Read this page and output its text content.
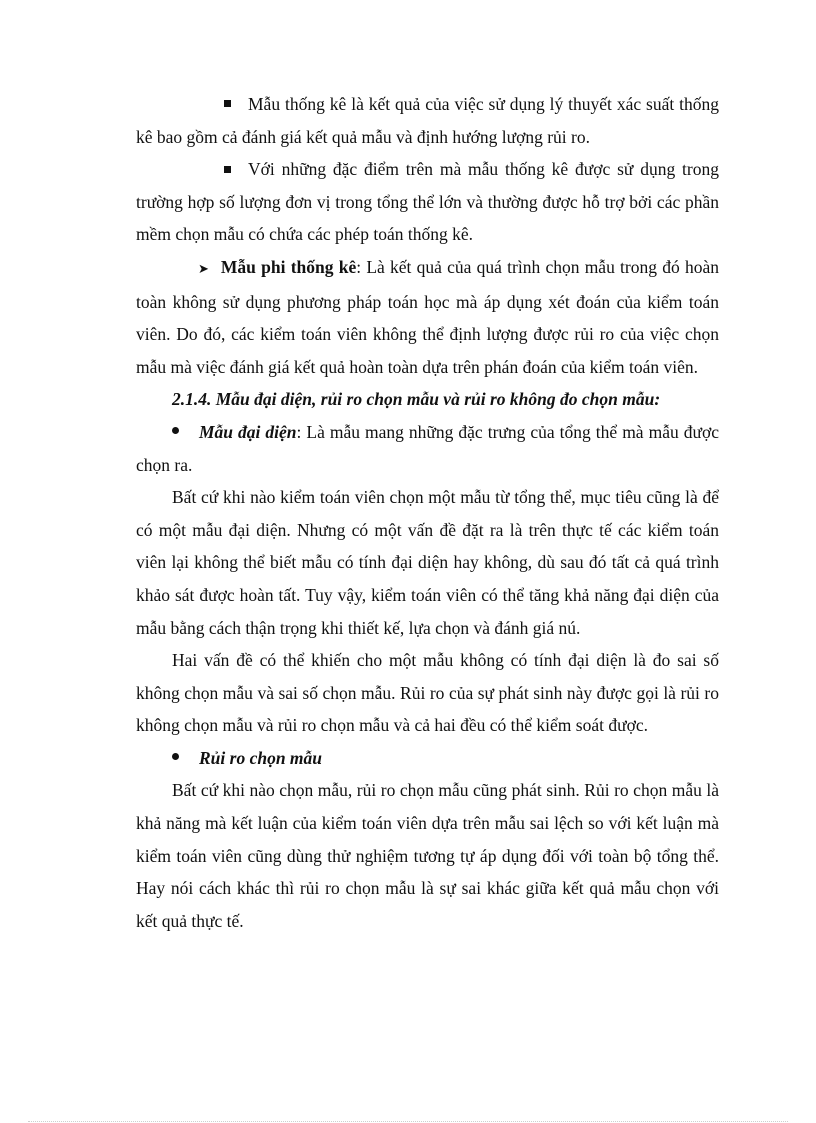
Mẫu thống kê là kết quả của việc sử dụng lý thuyết xác suất thống kê bao gồm cả đánh giá kết quả mẫu và định hướng lượng rủi ro.

Với những đặc điểm trên mà mẫu thống kê được sử dụng trong trường hợp số lượng đơn vị trong tổng thể lớn và thường được hỗ trợ bởi các phần mềm chọn mẫu có chứa các phép toán thống kê.

➤ Mẫu phi thống kê: Là kết quả của quá trình chọn mẫu trong đó hoàn toàn không sử dụng phương pháp toán học mà áp dụng xét đoán của kiểm toán viên. Do đó, các kiểm toán viên không thể định lượng được rủi ro của việc chọn mẫu mà việc đánh giá kết quả hoàn toàn dựa trên phán đoán của kiểm toán viên.

2.1.4. Mẫu đại diện, rủi ro chọn mẫu và rủi ro không đo chọn mẫu:

Mẫu đại diện: Là mẫu mang những đặc trưng của tổng thể mà mẫu được chọn ra.

Bất cứ khi nào kiểm toán viên chọn một mẫu từ tổng thể, mục tiêu cũng là để có một mẫu đại diện. Nhưng có một vấn đề đặt ra là trên thực tế các kiểm toán viên lại không thể biết mẫu có tính đại diện hay không, dù sau đó tất cả quá trình khảo sát được hoàn tất. Tuy vậy, kiểm toán viên có thể tăng khả năng đại diện của mẫu bằng cách thận trọng khi thiết kế, lựa chọn và đánh giá nú.

Hai vấn đề có thể khiến cho một mẫu không có tính đại diện là đo sai số không chọn mẫu và sai số chọn mẫu. Rủi ro của sự phát sinh này được gọi là rủi ro không chọn mẫu và rủi ro chọn mẫu và cả hai đều có thể kiểm soát được.

Rủi ro chọn mẫu

Bất cứ khi nào chọn mẫu, rủi ro chọn mẫu cũng phát sinh. Rủi ro chọn mẫu là khả năng mà kết luận của kiểm toán viên dựa trên mẫu sai lệch so với kết luận mà kiểm toán viên cũng dùng thử nghiệm tương tự áp dụng đối với toàn bộ tổng thể. Hay nói cách khác thì rủi ro chọn mẫu là sự sai khác giữa kết quả mẫu chọn với kết quả thực tế.
